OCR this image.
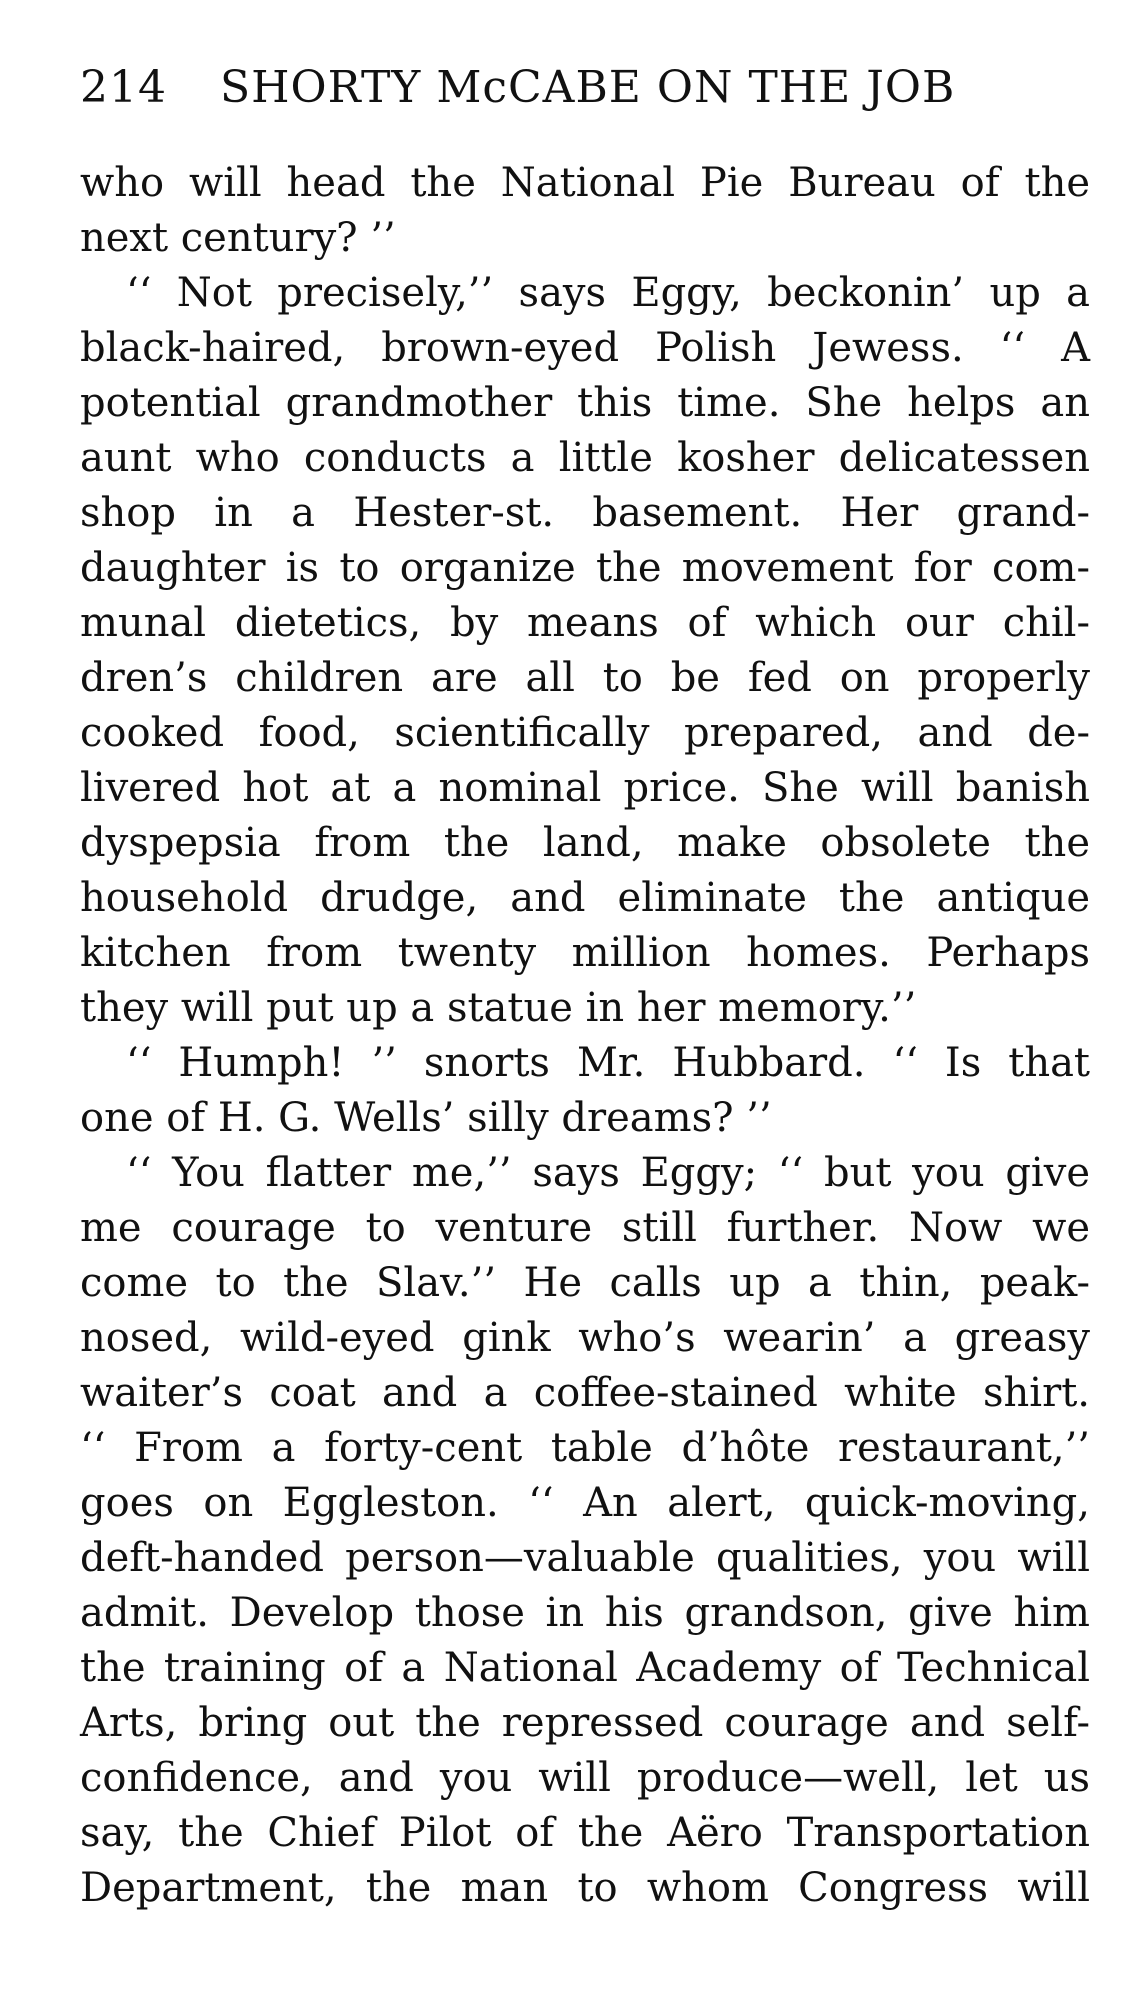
214 SHORTY McCABE ON THE JOB
who will head the National Pie Bureau of the
next century? ’’
‘‘ Not precisely,’’ says Eggy, beckonin’ up a
black-haired, brown-eyed Polish Jewess. ‘‘ A
potential grandmother this time. She helps an
aunt who conducts a little kosher delicatessen
shop in a Hester-st. basement. Her grand-
daughter is to organize the movement for com-
munal dietetics, by means of which our chil-
dren’s children are all to be fed on properly
cooked food, scientifically prepared, and de-
livered hot at a nominal price. She will banish
dyspepsia from the land, make obsolete the
household drudge, and eliminate the antique
kitchen from twenty million homes. Perhaps
they will put up a statue in her memory.’’
‘‘ Humph! ’’ snorts Mr. Hubbard. ‘‘ Is that
one of H. G. Wells’ silly dreams? ’’
‘‘ You flatter me,’’ says Eggy; ‘‘ but you give
me courage to venture still further. Now we
come to the Slav.’’ He calls up a thin, peak-
nosed, wild-eyed gink who’s wearin’ a greasy
waiter’s coat and a coffee-stained white shirt.
‘‘ From a forty-cent table d’hôte restaurant,’’
goes on Eggleston. ‘‘ An alert, quick-moving,
deft-handed person—valuable qualities, you will
admit. Develop those in his grandson, give him
the training of a National Academy of Technical
Arts, bring out the repressed courage and self-
confidence, and you will produce—well, let us
say, the Chief Pilot of the Aëro Transportation
Department, the man to whom Congress will
